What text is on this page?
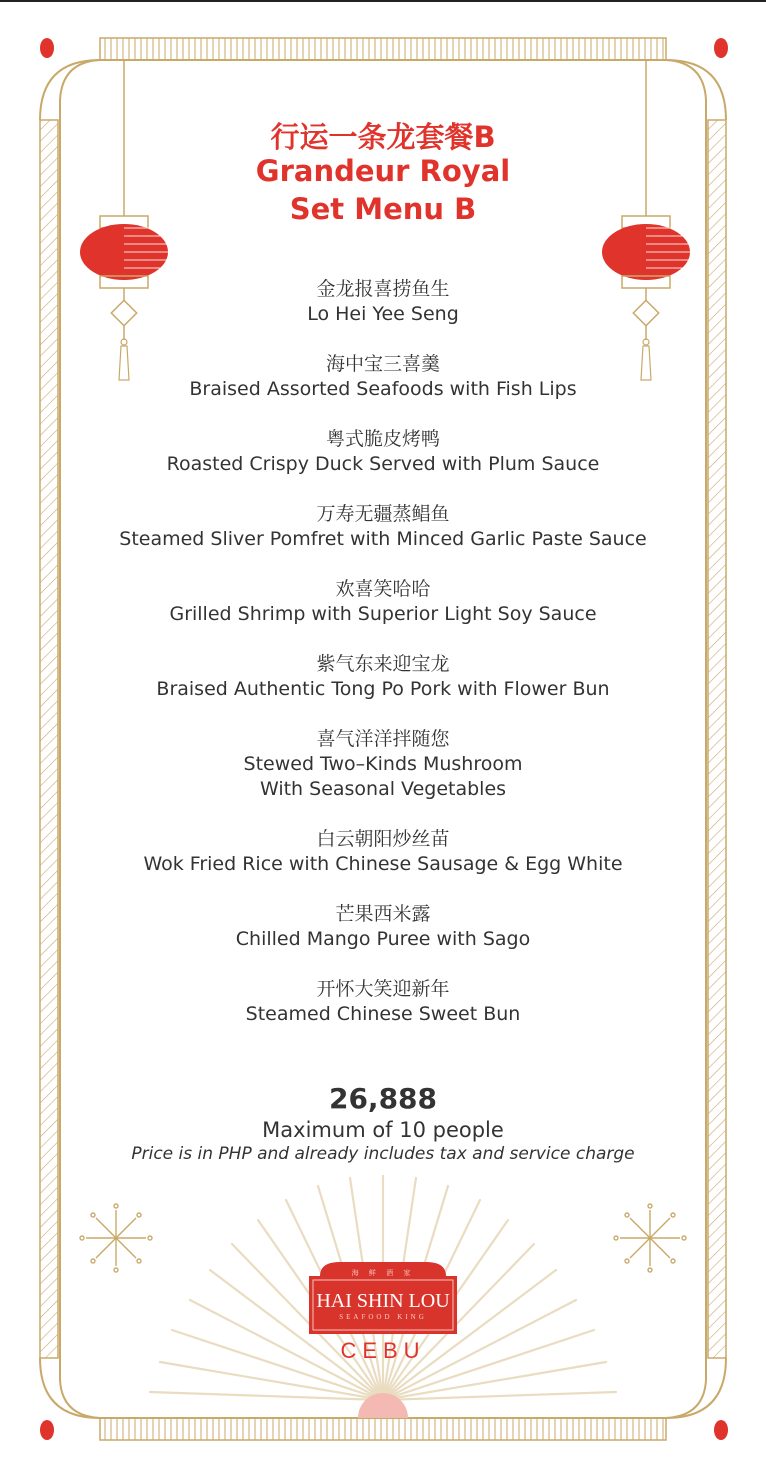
行运一条龙套餐B
Grandeur Royal
Set Menu B
金龙报喜捞鱼生
Lo Hei Yee Seng
海中宝三喜羹
Braised Assorted Seafoods with Fish Lips
粤式脆皮烤鸭
Roasted Crispy Duck Served with Plum Sauce
万寿无疆蒸鲳鱼
Steamed Sliver Pomfret with Minced Garlic Paste Sauce
欢喜笑哈哈
Grilled Shrimp with Superior Light Soy Sauce
紫气东来迎宝龙
Braised Authentic Tong Po Pork with Flower Bun
喜气洋洋拌随您
Stewed Two–Kinds Mushroom
With Seasonal Vegetables
白云朝阳炒丝苗
Wok Fried Rice with Chinese Sausage & Egg White
芒果西米露
Chilled Mango Puree with Sago
开怀大笑迎新年
Steamed Chinese Sweet Bun
26,888
Maximum of 10 people
Price is in PHP and already includes tax and service charge
海 鲜 酒 家
HAI SHIN LOU
SEAFOOD KING
CEBU
